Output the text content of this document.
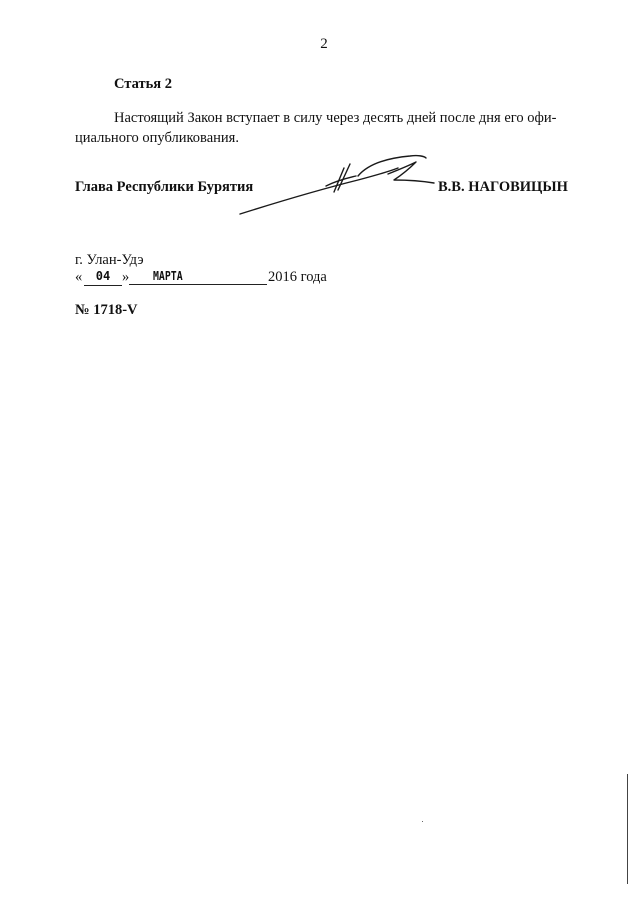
2
Статья 2
Настоящий Закон вступает в силу через десять дней после дня его офи-
циального опубликования.
Глава Республики Бурятия	В.В. НАГОВИЦЫН
г. Улан-Удэ
«	04 »	МАРТА	2016 года
№ 1718-V
